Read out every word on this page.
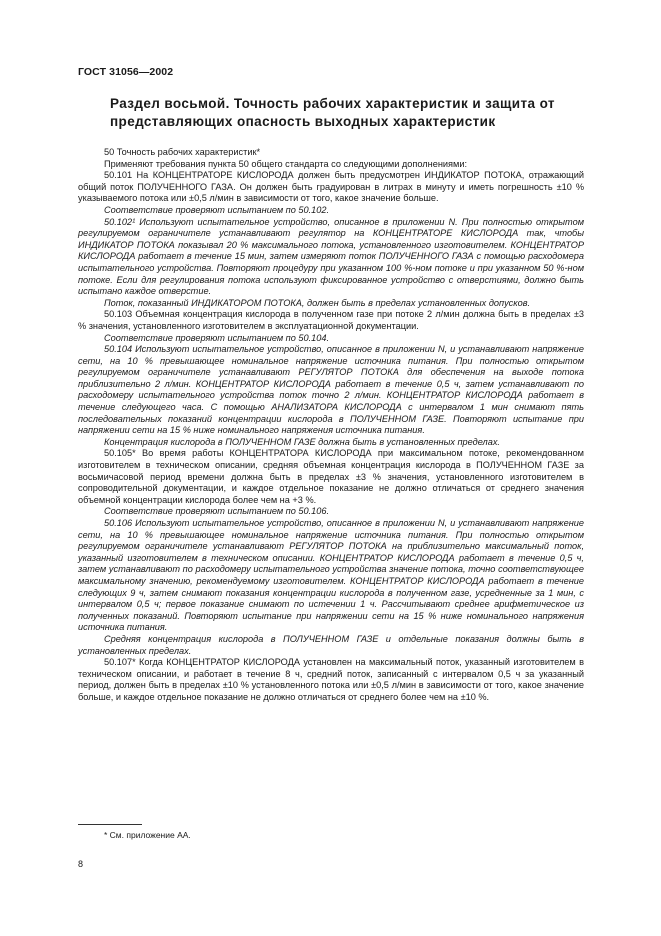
ГОСТ 31056—2002
Раздел восьмой. Точность рабочих характеристик и защита от представляющих опасность выходных характеристик

50 Точность рабочих характеристик*

Применяют требования пункта 50 общего стандарта со следующими дополнениями:

50.101 На КОНЦЕНТРАТОРЕ КИСЛОРОДА должен быть предусмотрен ИНДИКАТОР ПОТОКА, отражающий общий поток ПОЛУЧЕННОГО ГАЗА. Он должен быть градуирован в литрах в минуту и иметь погрешность ±10 % указываемого потока или ±0,5 л/мин в зависимости от того, какое значение больше.

Соответствие проверяют испытанием по 50.102.

50.102¹ Используют испытательное устройство, описанное в приложении N. При полностью открытом регулируемом ограничителе устанавливают регулятор на КОНЦЕНТРАТОРЕ КИСЛОРОДА так, чтобы ИНДИКАТОР ПОТОКА показывал 20 % максимального потока, установленного изготовителем. КОНЦЕНТРАТОР КИСЛОРОДА работает в течение 15 мин, затем измеряют поток ПОЛУЧЕННОГО ГАЗА с помощью расходомера испытательного устройства. Повторяют процедуру при указанном 100 %-ном потоке и при указанном 50 %-ном потоке. Если для регулирования потока используют фиксированное устройство с отверстиями, должно быть испытано каждое отверстие.

Поток, показанный ИНДИКАТОРОМ ПОТОКА, должен быть в пределах установленных допусков.

50.103 Объемная концентрация кислорода в полученном газе при потоке 2 л/мин должна быть в пределах ±3 % значения, установленного изготовителем в эксплуатационной документации.

Соответствие проверяют испытанием по 50.104.

50.104 Используют испытательное устройство, описанное в приложении N, и устанавливают напряжение сети, на 10 % превышающее номинальное напряжение источника питания. При полностью открытом регулируемом ограничителе устанавливают РЕГУЛЯТОР ПОТОКА для обеспечения на выходе потока приблизительно 2 л/мин. КОНЦЕНТРАТОР КИСЛОРОДА работает в течение 0,5 ч, затем устанавливают по расходомеру испытательного устройства поток точно 2 л/мин. КОНЦЕНТРАТОР КИСЛОРОДА работает в течение следующего часа. С помощью АНАЛИЗАТОРА КИСЛОРОДА с интервалом 1 мин снимают пять последовательных показаний концентрации кислорода в ПОЛУЧЕННОМ ГАЗЕ. Повторяют испытание при напряжении сети на 15 % ниже номинального напряжения источника питания.

Концентрация кислорода в ПОЛУЧЕННОМ ГАЗЕ должна быть в установленных пределах.

50.105* Во время работы КОНЦЕНТРАТОРА КИСЛОРОДА при максимальном потоке, рекомендованном изготовителем в техническом описании, средняя объемная концентрация кислорода в ПОЛУЧЕННОМ ГАЗЕ за восьмичасовой период времени должна быть в пределах ±3 % значения, установленного изготовителем в сопроводительной документации, и каждое отдельное показание не должно отличаться от среднего значения объемной концентрации кислорода более чем на +3 %.

Соответствие проверяют испытанием по 50.106.

50.106 Используют испытательное устройство, описанное в приложении N, и устанавливают напряжение сети, на 10 % превышающее номинальное напряжение источника питания. При полностью открытом регулируемом ограничителе устанавливают РЕГУЛЯТОР ПОТОКА на приблизительно максимальный поток, указанный изготовителем в техническом описании. КОНЦЕНТРАТОР КИСЛОРОДА работает в течение 0,5 ч, затем устанавливают по расходомеру испытательного устройства значение потока, точно соответствующее максимальному значению, рекомендуемому изготовителем. КОНЦЕНТРАТОР КИСЛОРОДА работает в течение следующих 9 ч, затем снимают показания концентрации кислорода в полученном газе, усредненные за 1 мин, с интервалом 0,5 ч; первое показание снимают по истечении 1 ч. Рассчитывают среднее арифметическое из полученных показаний. Повторяют испытание при напряжении сети на 15 % ниже номинального напряжения источника питания.

Средняя концентрация кислорода в ПОЛУЧЕННОМ ГАЗЕ и отдельные показания должны быть в установленных пределах.

50.107* Когда КОНЦЕНТРАТОР КИСЛОРОДА установлен на максимальный поток, указанный изготовителем в техническом описании, и работает в течение 8 ч, средний поток, записанный с интервалом 0,5 ч за указанный период, должен быть в пределах ±10 % установленного потока или ±0,5 л/мин в зависимости от того, какое значение больше, и каждое отдельное показание не должно отличаться от среднего более чем на ±10 %.

* См. приложение АА.
8
